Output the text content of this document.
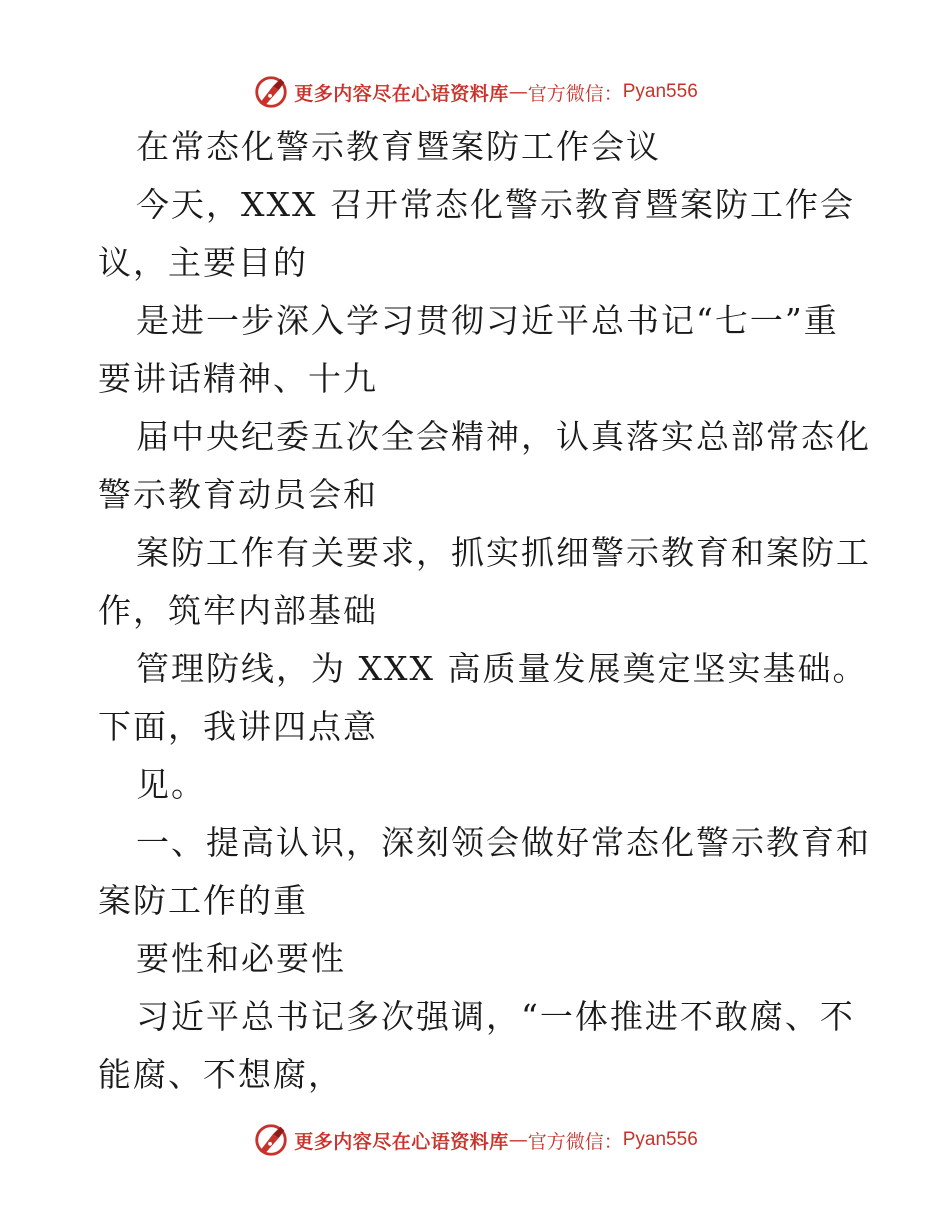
更多内容尽在心语资料库 — 官方微信： Pyan556
在常态化警示教育暨案防工作会议
今天，XXX 召开常态化警示教育暨案防工作会
议，主要目的
是进一步深入学习贯彻习近平总书记“七一”重
要讲话精神、十九
届中央纪委五次全会精神，认真落实总部常态化
警示教育动员会和
案防工作有关要求，抓实抓细警示教育和案防工
作，筑牢内部基础
管理防线，为 XXX 高质量发展奠定坚实基础。
下面，我讲四点意
见。
一、提高认识，深刻领会做好常态化警示教育和
案防工作的重
要性和必要性
习近平总书记多次强调，“一体推进不敢腐、不
能腐、不想腐，
更多内容尽在心语资料库 — 官方微信： Pyan556
